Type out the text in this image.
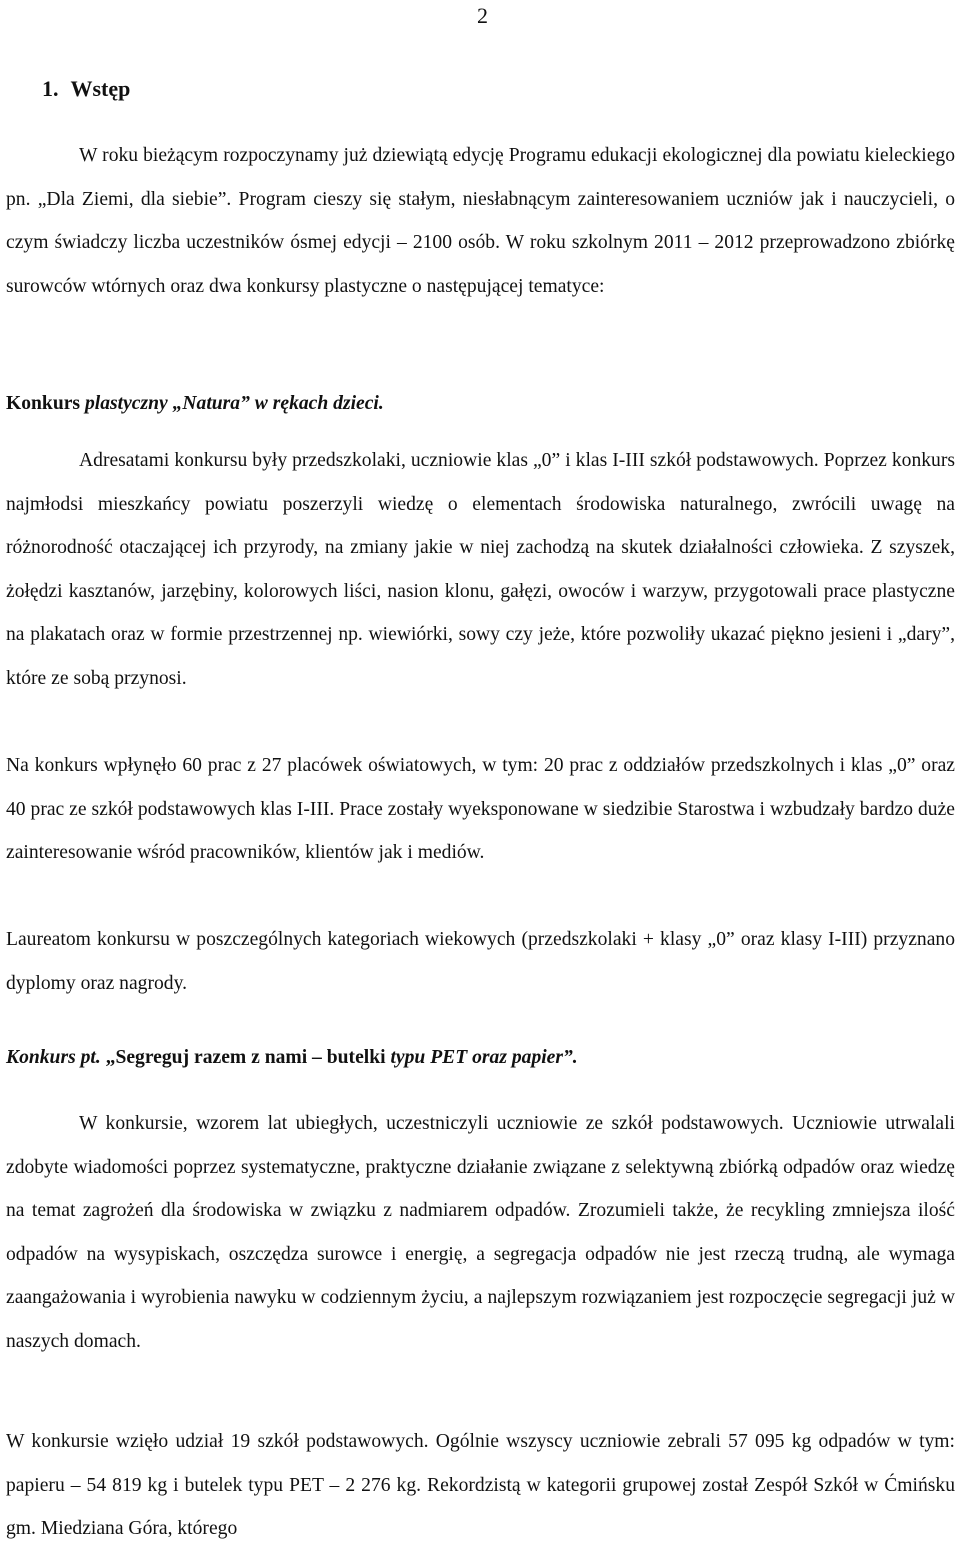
2
1. Wstęp

W roku bieżącym rozpoczynamy już dziewiątą edycję Programu edukacji ekologicznej dla powiatu kieleckiego pn. „Dla Ziemi, dla siebie”. Program cieszy się stałym, niesłabnącym zainteresowaniem uczniów jak i nauczycieli, o czym świadczy liczba uczestników ósmej edycji – 2100 osób. W roku szkolnym 2011 – 2012 przeprowadzono zbiórkę surowców wtórnych oraz dwa konkursy plastyczne o następującej tematyce:

Konkurs plastyczny „Natura” w rękach dzieci.

Adresatami konkursu były przedszkolaki, uczniowie klas „0” i klas I-III szkół podstawowych. Poprzez konkurs najmłodsi mieszkańcy powiatu poszerzyli wiedzę o elementach środowiska naturalnego, zwrócili uwagę na różnorodność otaczającej ich przyrody, na zmiany jakie w niej zachodzą na skutek działalności człowieka. Z szyszek, żołędzi kasztanów, jarzębiny, kolorowych liści, nasion klonu, gałęzi, owoców i warzyw, przygotowali prace plastyczne na plakatach oraz w formie przestrzennej np. wiewiórki, sowy czy jeże, które pozwoliły ukazać piękno jesieni i „dary”, które ze sobą przynosi.

Na konkurs wpłynęło 60 prac z 27 placówek oświatowych, w tym: 20 prac z oddziałów przedszkolnych i klas „0” oraz 40 prac ze szkół podstawowych klas I-III. Prace zostały wyeksponowane w siedzibie Starostwa i wzbudzały bardzo duże zainteresowanie wśród pracowników, klientów jak i mediów.

Laureatom konkursu w poszczególnych kategoriach wiekowych (przedszkolaki + klasy „0” oraz klasy I-III) przyznano dyplomy oraz nagrody.

Konkurs pt. „Segreguj razem z nami – butelki typu PET oraz papier”.

W konkursie, wzorem lat ubiegłych, uczestniczyli uczniowie ze szkół podstawowych. Uczniowie utrwalali zdobyte wiadomości poprzez systematyczne, praktyczne działanie związane z selektywną zbiórką odpadów oraz wiedzę na temat zagrożeń dla środowiska w związku z nadmiarem odpadów. Zrozumieli także, że recykling zmniejsza ilość odpadów na wysypiskach, oszczędza surowce i energię, a segregacja odpadów nie jest rzeczą trudną, ale wymaga zaangażowania i wyrobienia nawyku w codziennym życiu, a najlepszym rozwiązaniem jest rozpoczęcie segregacji już w naszych domach.

W konkursie wzięło udział 19 szkół podstawowych. Ogólnie wszyscy uczniowie zebrali 57 095 kg odpadów w tym: papieru – 54 819 kg i butelek typu PET – 2 276 kg. Rekordzistą w kategorii grupowej został Zespół Szkół w Ćmińsku gm. Miedziana Góra, którego
